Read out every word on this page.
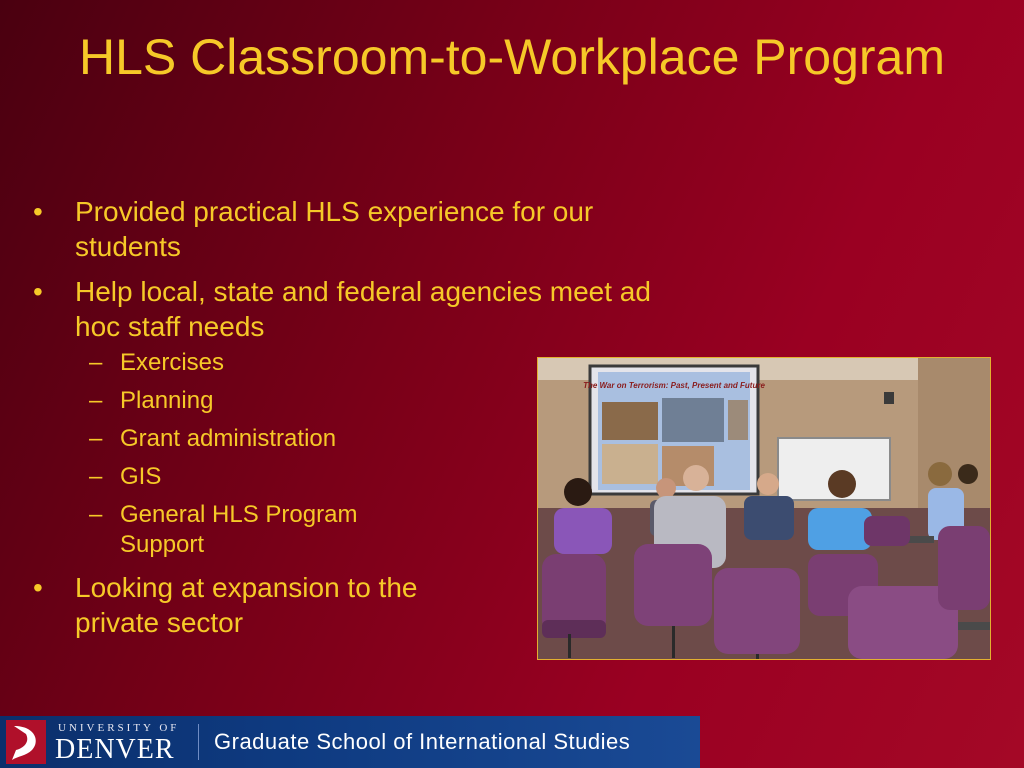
HLS Classroom-to-Workplace Program
• Provided practical HLS experience for our students
• Help local, state and federal agencies meet ad hoc staff needs
– Exercises
– Planning
– Grant administration
– GIS
– General HLS Program Support
• Looking at expansion to the private sector
The War on Terrorism: Past, Present and Future
UNIVERSITY OF
DENVER Graduate School of International Studies
